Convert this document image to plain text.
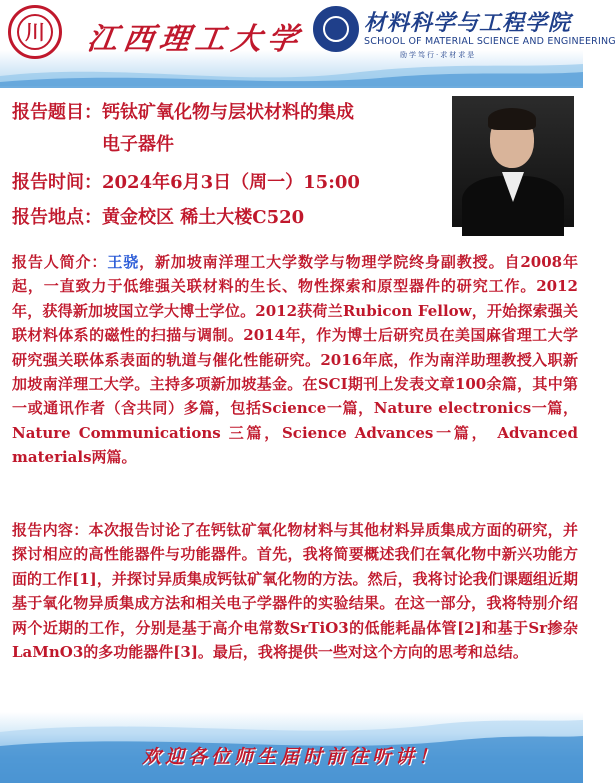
川 江西理工大学	材料科学与工程学院
SCHOOL OF MATERIAL SCIENCE AND ENGINEERING
励学笃行·求材求是
报告题目：钙钛矿氧化物与层状材料的集成
电子器件
报告时间：2024年6月3日（周一）15:00
报告地点：黄金校区 稀土大楼C520
报告人简介：王骁，新加坡南洋理工大学数学与物理学院终身副教授。自2008年起，一直致力于低维强关联材料的生长、物性探索和原型器件的研究工作。2012年，获得新加坡国立学大博士学位。2012获荷兰Rubicon Fellow，开始探索强关联材料体系的磁性的扫描与调制。2014年，作为博士后研究员在美国麻省理工大学研究强关联体系表面的轨道与催化性能研究。2016年底，作为南洋助理教授入职新加坡南洋理工大学。主持多项新加坡基金。在SCI期刊上发表文章100余篇，其中第一或通讯作者（含共同）多篇，包括Science一篇，Nature electronics一篇， Nature Communications 三篇，Science Advances一篇， Advanced materials两篇。
报告内容：本次报告讨论了在钙钛矿氧化物材料与其他材料异质集成方面的研究，并探讨相应的高性能器件与功能器件。首先，我将简要概述我们在氧化物中新兴功能方面的工作[1]，并探讨异质集成钙钛矿氧化物的方法。然后，我将讨论我们课题组近期基于氧化物异质集成方法和相关电子学器件的实验结果。在这一部分，我将特别介绍两个近期的工作，分别是基于高介电常数SrTiO3的低能耗晶体管[2]和基于Sr掺杂LaMnO3的多功能器件[3]。最后，我将提供一些对这个方向的思考和总结。
欢迎各位师生届时前往听讲！
